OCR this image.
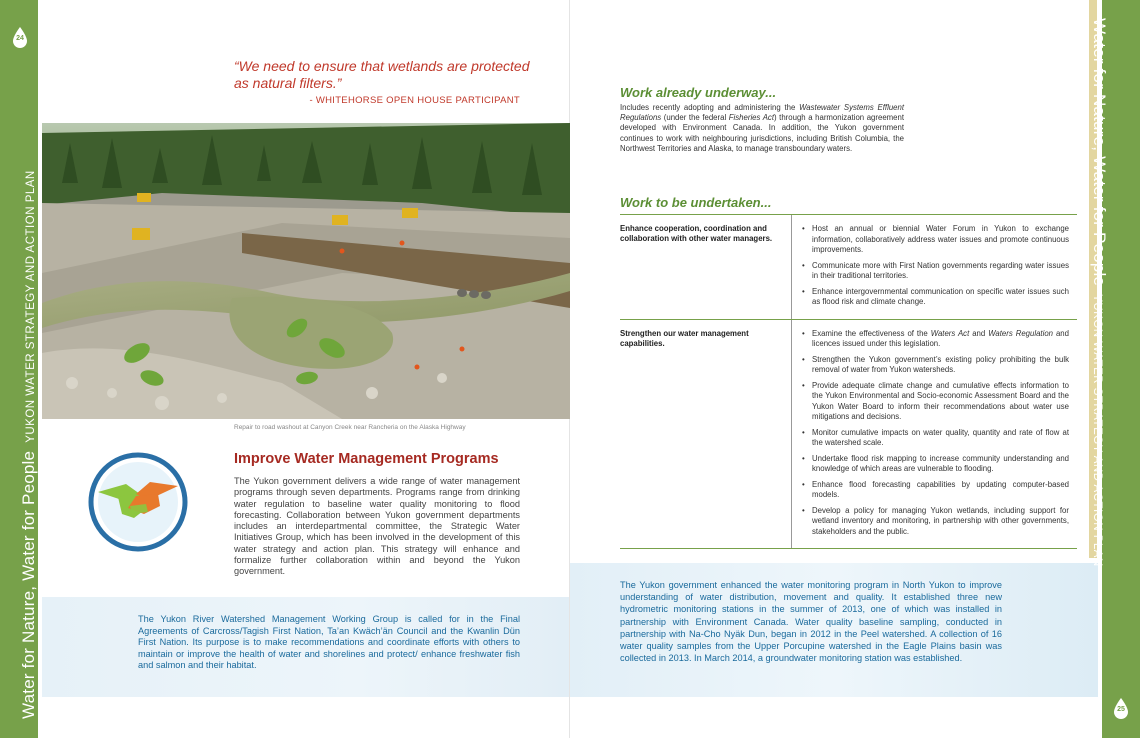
24
Water for Nature, Water for PeopleYUKON WATER STRATEGY AND ACTION PLAN
“We need to ensure that wetlands are protected as natural filters.”
- WHITEHORSE OPEN HOUSE PARTICIPANT
Repair to road washout at Canyon Creek near Rancheria on the Alaska Highway
Improve Water Management Programs
The Yukon government delivers a wide range of water management programs through seven departments. Programs range from drinking water regulation to baseline water quality monitoring to flood forecasting. Collaboration between Yukon government departments includes an interdepartmental committee, the Strategic Water Initiatives Group, which has been involved in the development of this water strategy and action plan. This strategy will enhance and formalize further collaboration within and beyond the Yukon government.
The Yukon River Watershed Management Working Group is called for in the Final Agreements of Carcross/Tagish First Nation, Ta’an Kwäch’än Council and the Kwanlin Dün First Nation. Its purpose is to make recommendations and coordinate efforts with others to maintain or improve the health of water and shorelines and protect/ enhance freshwater fish and salmon and their habitat.
Work already underway...
Includes recently adopting and administering the Wastewater Systems Effluent Regulations (under the federal Fisheries Act) through a harmonization agreement developed with Environment Canada. In addition, the Yukon government continues to work with neighbouring jurisdictions, including British Columbia, the Northwest Territories and Alaska, to manage transboundary waters.
Work to be undertaken...
Enhance cooperation, coordination and collaboration with other water managers.
• Host an annual or biennial Water Forum in Yukon to exchange information, collaboratively address water issues and promote continuous improvements.
• Communicate more with First Nation governments regarding water issues in their traditional territories.
• Enhance intergovernmental communication on specific water issues such as flood risk and climate change.
Strengthen our water management capabilities.
• Examine the effectiveness of the Waters Act and Waters Regulation and licences issued under this legislation.
• Strengthen the Yukon government’s existing policy prohibiting the bulk removal of water from Yukon watersheds.
• Provide adequate climate change and cumulative effects information to the Yukon Environmental and Socio-economic Assessment Board and the Yukon Water Board to inform their recommendations about water use mitigations and decisions.
• Monitor cumulative impacts on water quality, quantity and rate of flow at the watershed scale.
• Undertake flood risk mapping to increase community understanding and knowledge of which areas are vulnerable to flooding.
• Enhance flood forecasting capabilities by updating computer-based models.
• Develop a policy for managing Yukon wetlands, including support for wetland inventory and monitoring, in partnership with other governments, stakeholders and the public.
The Yukon government enhanced the water monitoring program in North Yukon to improve understanding of water distribution, movement and quality. It established three new hydrometric monitoring stations in the summer of 2013, one of which was installed in partnership with Environment Canada. Water quality baseline sampling, conducted in partnership with Na-Cho Nyäk Dun, began in 2012 in the Peel watershed. A collection of 16 water quality samples from the Upper Porcupine watershed in the Eagle Plains basin was collected in 2013. In March 2014, a groundwater monitoring station was established.
25
Water for Nature, Water for PeopleYUKON WATER STRATEGY AND ACTION PLAN
